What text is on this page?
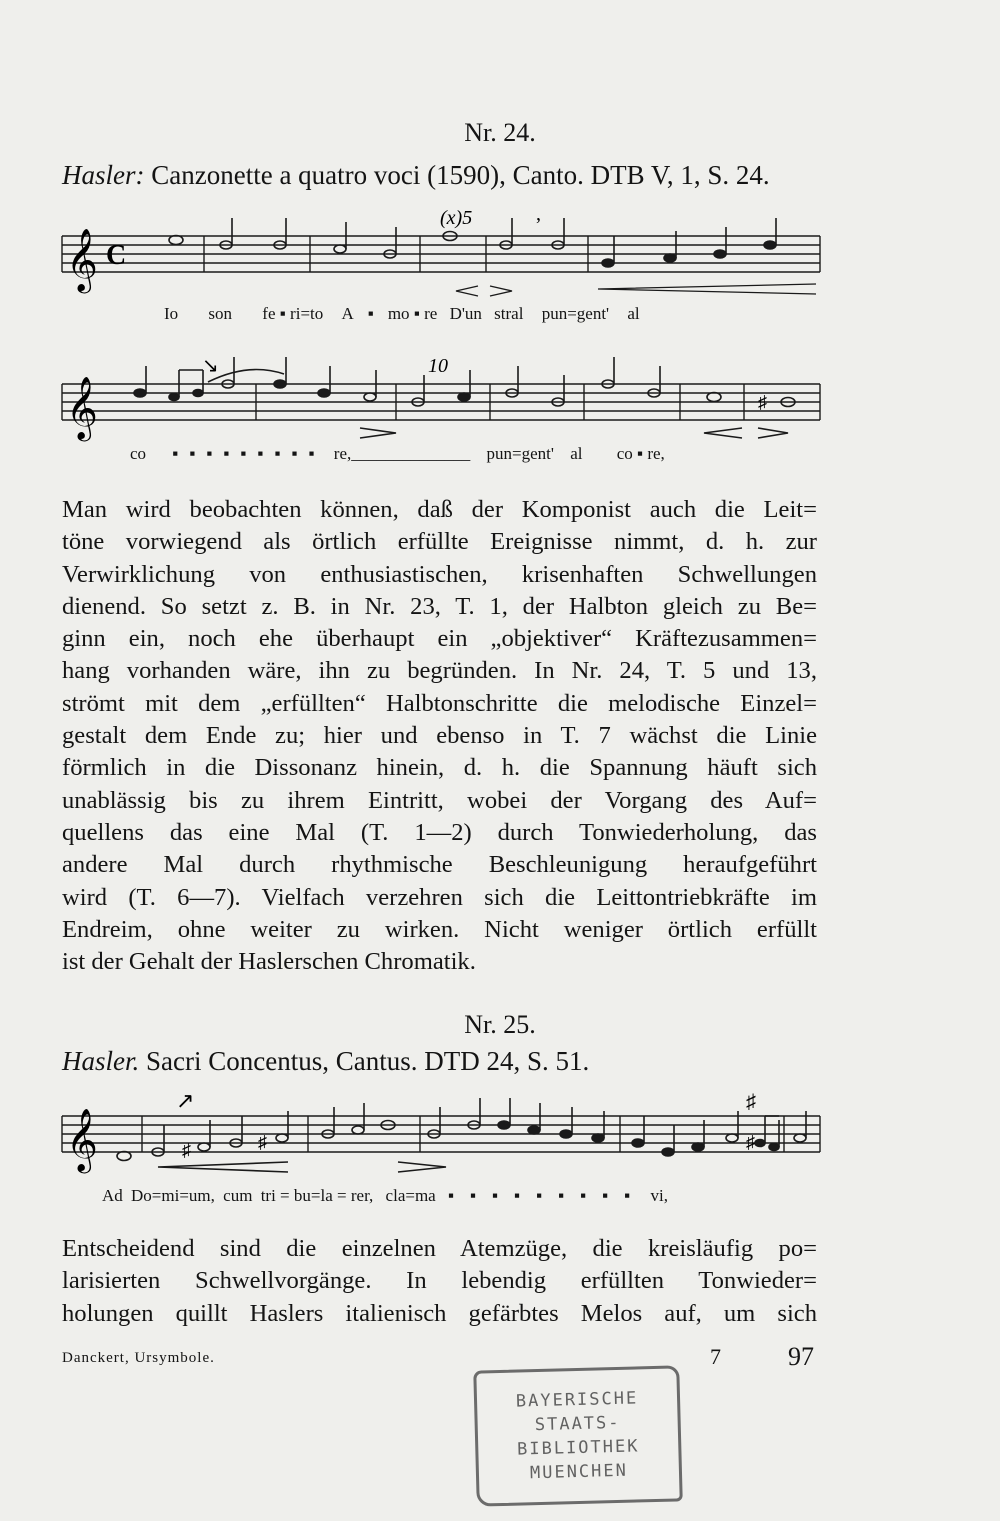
Nr. 24.
Hasler: Canzonette a quatro voci (1590), Canto. DTB V, 1, S. 24.
𝄞 C
(x)5	,
Io son fe ▪ ri=to A ▪ mo ▪ re D'un stral pun=gent' al
𝄞
↘	10
♯
co ▪▪▪▪▪▪▪▪▪ re,______________ pun=gent' al co ▪ re,
Man wird beobachten können, daß der Komponist auch die Leit=
töne vorwiegend als örtlich erfüllte Ereignisse nimmt, d. h. zur
Verwirklichung von enthusiastischen, krisenhaften Schwellungen
dienend. So setzt z. B. in Nr. 23, T. 1, der Halbton gleich zu Be=
ginn ein, noch ehe überhaupt ein „objektiver“ Kräftezusammen=
hang vorhanden wäre, ihn zu begründen. In Nr. 24, T. 5 und 13,
strömt mit dem „erfüllten“ Halbtonschritte die melodische Einzel=
gestalt dem Ende zu; hier und ebenso in T. 7 wächst die Linie
förmlich in die Dissonanz hinein, d. h. die Spannung häuft sich
unablässig bis zu ihrem Eintritt, wobei der Vorgang des Auf=
quellens das eine Mal (T. 1—2) durch Tonwiederholung, das
andere Mal durch rhythmische Beschleunigung heraufgeführt
wird (T. 6—7). Vielfach verzehren sich die Leittontriebkräfte im
Endreim, ohne weiter zu wirken. Nicht weniger örtlich erfüllt
ist der Gehalt der Haslerschen Chromatik.
Nr. 25.
Hasler. Sacri Concentus, Cantus. DTD 24, S. 51.
𝄞	♯	♯	♯
♯
↗
Ad Do=mi=um, cum tri = bu=la = rer, cla=ma ▪▪▪▪▪▪▪▪▪ vi,
Entscheidend sind die einzelnen Atemzüge, die kreisläufig po=
larisierten Schwellvorgänge. In lebendig erfüllten Tonwieder=
holungen quillt Haslers italienisch gefärbtes Melos auf, um sich
Danckert, Ursymbole.	7	97
BAYERISCHE
STAATS-
BIBLIOTHEK
MUENCHEN
